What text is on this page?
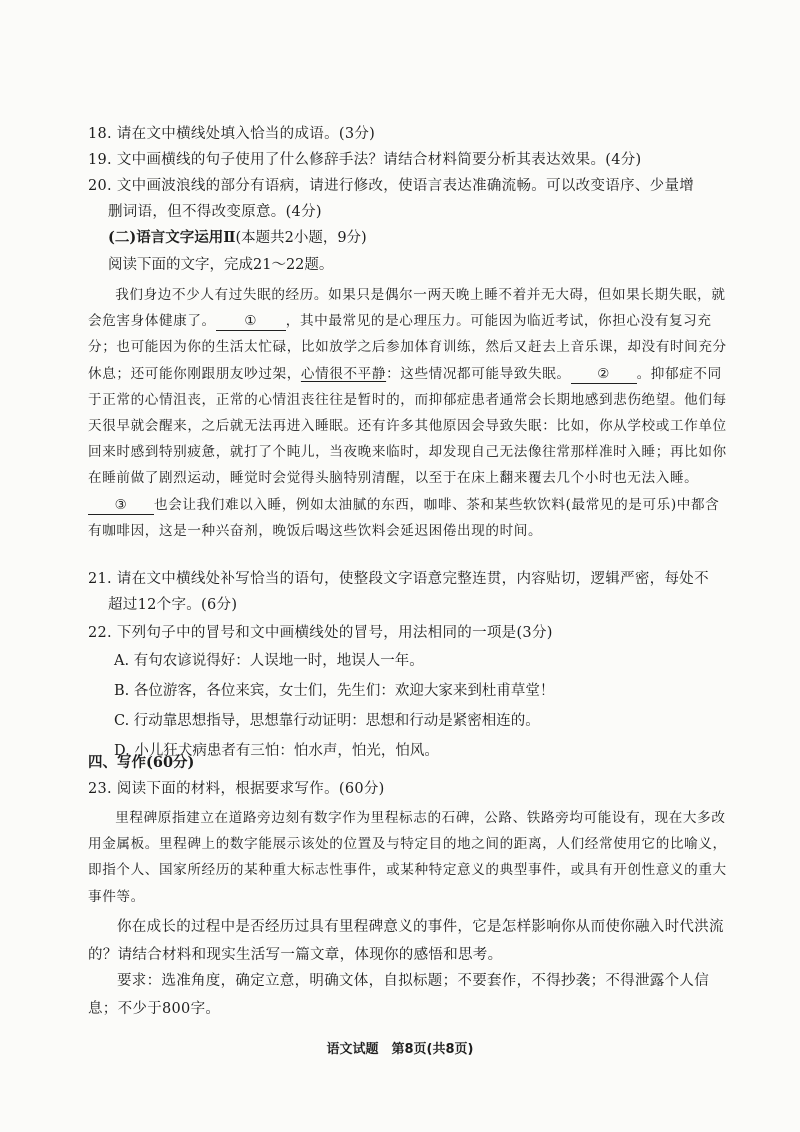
18. 请在文中横线处填入恰当的成语。(3分)
19. 文中画横线的句子使用了什么修辞手法？请结合材料简要分析其表达效果。(4分)
20. 文中画波浪线的部分有语病，请进行修改，使语言表达准确流畅。可以改变语序、少量增
删词语，但不得改变原意。(4分)
(二)语言文字运用Ⅱ(本题共2小题，9分)
阅读下面的文字，完成21～22题。
我们身边不少人有过失眠的经历。如果只是偶尔一两天晚上睡不着并无大碍，但如果长期失眠，就会危害身体健康了。 ① ，其中最常见的是心理压力。可能因为临近考试，你担心没有复习充分；也可能因为你的生活太忙碌，比如放学之后参加体育训练，然后又赶去上音乐课，却没有时间充分休息；还可能你刚跟朋友吵过架，心情很不平静：这些情况都可能导致失眠。 ② 。抑郁症不同于正常的心情沮丧，正常的心情沮丧往往是暂时的，而抑郁症患者通常会长期地感到悲伤绝望。他们每天很早就会醒来，之后就无法再进入睡眠。还有许多其他原因会导致失眠：比如，你从学校或工作单位回来时感到特别疲惫，就打了个盹儿，当夜晚来临时，却发现自己无法像往常那样准时入睡；再比如你在睡前做了剧烈运动，睡觉时会觉得头脑特别清醒，以至于在床上翻来覆去几个小时也无法入睡。③ 也会让我们难以入睡，例如太油腻的东西，咖啡、茶和某些软饮料(最常见的是可乐)中都含有咖啡因，这是一种兴奋剂，晚饭后喝这些饮料会延迟困倦出现的时间。
21. 请在文中横线处补写恰当的语句，使整段文字语意完整连贯，内容贴切，逻辑严密，每处不
超过12个字。(6分)
22. 下列句子中的冒号和文中画横线处的冒号，用法相同的一项是(3分)
A. 有句农谚说得好：人误地一时，地误人一年。
B. 各位游客，各位来宾，女士们，先生们：欢迎大家来到杜甫草堂！
C. 行动靠思想指导，思想靠行动证明：思想和行动是紧密相连的。
D. 小儿狂犬病患者有三怕：怕水声，怕光，怕风。
四、写作(60分)
23. 阅读下面的材料，根据要求写作。(60分)
里程碑原指建立在道路旁边刻有数字作为里程标志的石碑，公路、铁路旁均可能设有，现在大多改用金属板。里程碑上的数字能展示该处的位置及与特定目的地之间的距离，人们经常使用它的比喻义，即指个人、国家所经历的某种重大标志性事件，或某种特定意义的典型事件，或具有开创性意义的重大事件等。
你在成长的过程中是否经历过具有里程碑意义的事件，它是怎样影响你从而使你融入时代洪流的？请结合材料和现实生活写一篇文章，体现你的感悟和思考。
要求：选准角度，确定立意，明确文体，自拟标题；不要套作，不得抄袭；不得泄露个人信息；不少于800字。
语文试题　第8页(共8页)
